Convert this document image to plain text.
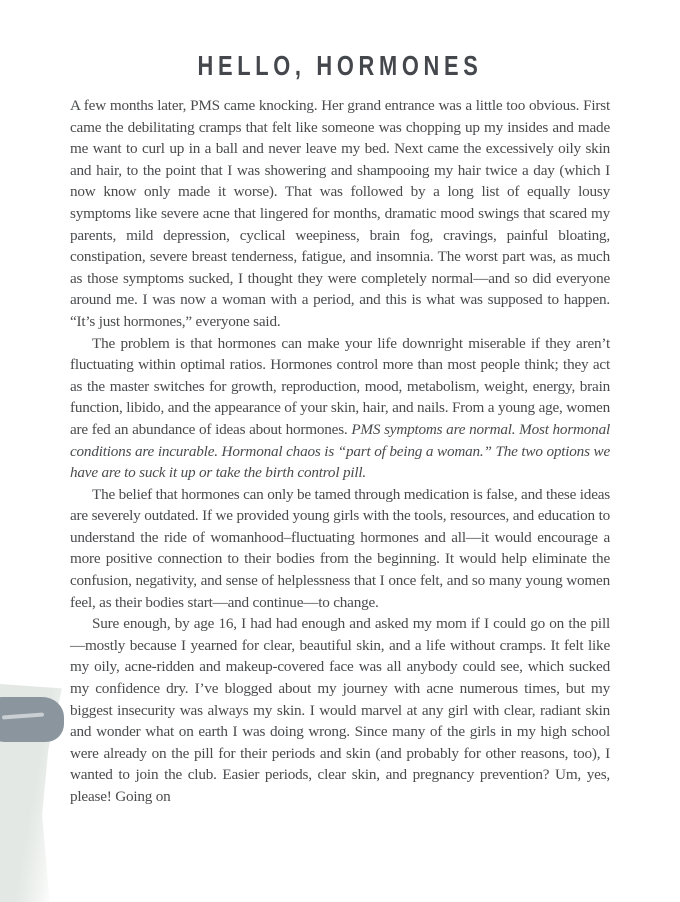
HELLO, HORMONES

A few months later, PMS came knocking. Her grand entrance was a little too obvious. First came the debilitating cramps that felt like someone was chopping up my insides and made me want to curl up in a ball and never leave my bed. Next came the excessively oily skin and hair, to the point that I was showering and shampooing my hair twice a day (which I now know only made it worse). That was followed by a long list of equally lousy symptoms like severe acne that lingered for months, dramatic mood swings that scared my parents, mild depression, cyclical weepiness, brain fog, cravings, painful bloating, constipation, severe breast tenderness, fatigue, and insomnia. The worst part was, as much as those symptoms sucked, I thought they were completely normal—and so did everyone around me. I was now a woman with a period, and this is what was supposed to happen. “It’s just hormones,” everyone said.

The problem is that hormones can make your life downright miserable if they aren’t fluctuating within optimal ratios. Hormones control more than most people think; they act as the master switches for growth, reproduction, mood, metabolism, weight, energy, brain function, libido, and the appearance of your skin, hair, and nails. From a young age, women are fed an abundance of ideas about hormones. PMS symptoms are normal. Most hormonal conditions are incurable. Hormonal chaos is “part of being a woman.” The two options we have are to suck it up or take the birth control pill.

The belief that hormones can only be tamed through medication is false, and these ideas are severely outdated. If we provided young girls with the tools, resources, and education to understand the ride of womanhood–fluctuating hormones and all—it would encourage a more positive connection to their bodies from the beginning. It would help eliminate the confusion, negativity, and sense of helplessness that I once felt, and so many young women feel, as their bodies start—and continue—to change.

Sure enough, by age 16, I had had enough and asked my mom if I could go on the pill—mostly because I yearned for clear, beautiful skin, and a life without cramps. It felt like my oily, acne-ridden and makeup-covered face was all anybody could see, which sucked my confidence dry. I’ve blogged about my journey with acne numerous times, but my biggest insecurity was always my skin. I would marvel at any girl with clear, radiant skin and wonder what on earth I was doing wrong. Since many of the girls in my high school were already on the pill for their periods and skin (and probably for other reasons, too), I wanted to join the club. Easier periods, clear skin, and pregnancy prevention? Um, yes, please! Going on
